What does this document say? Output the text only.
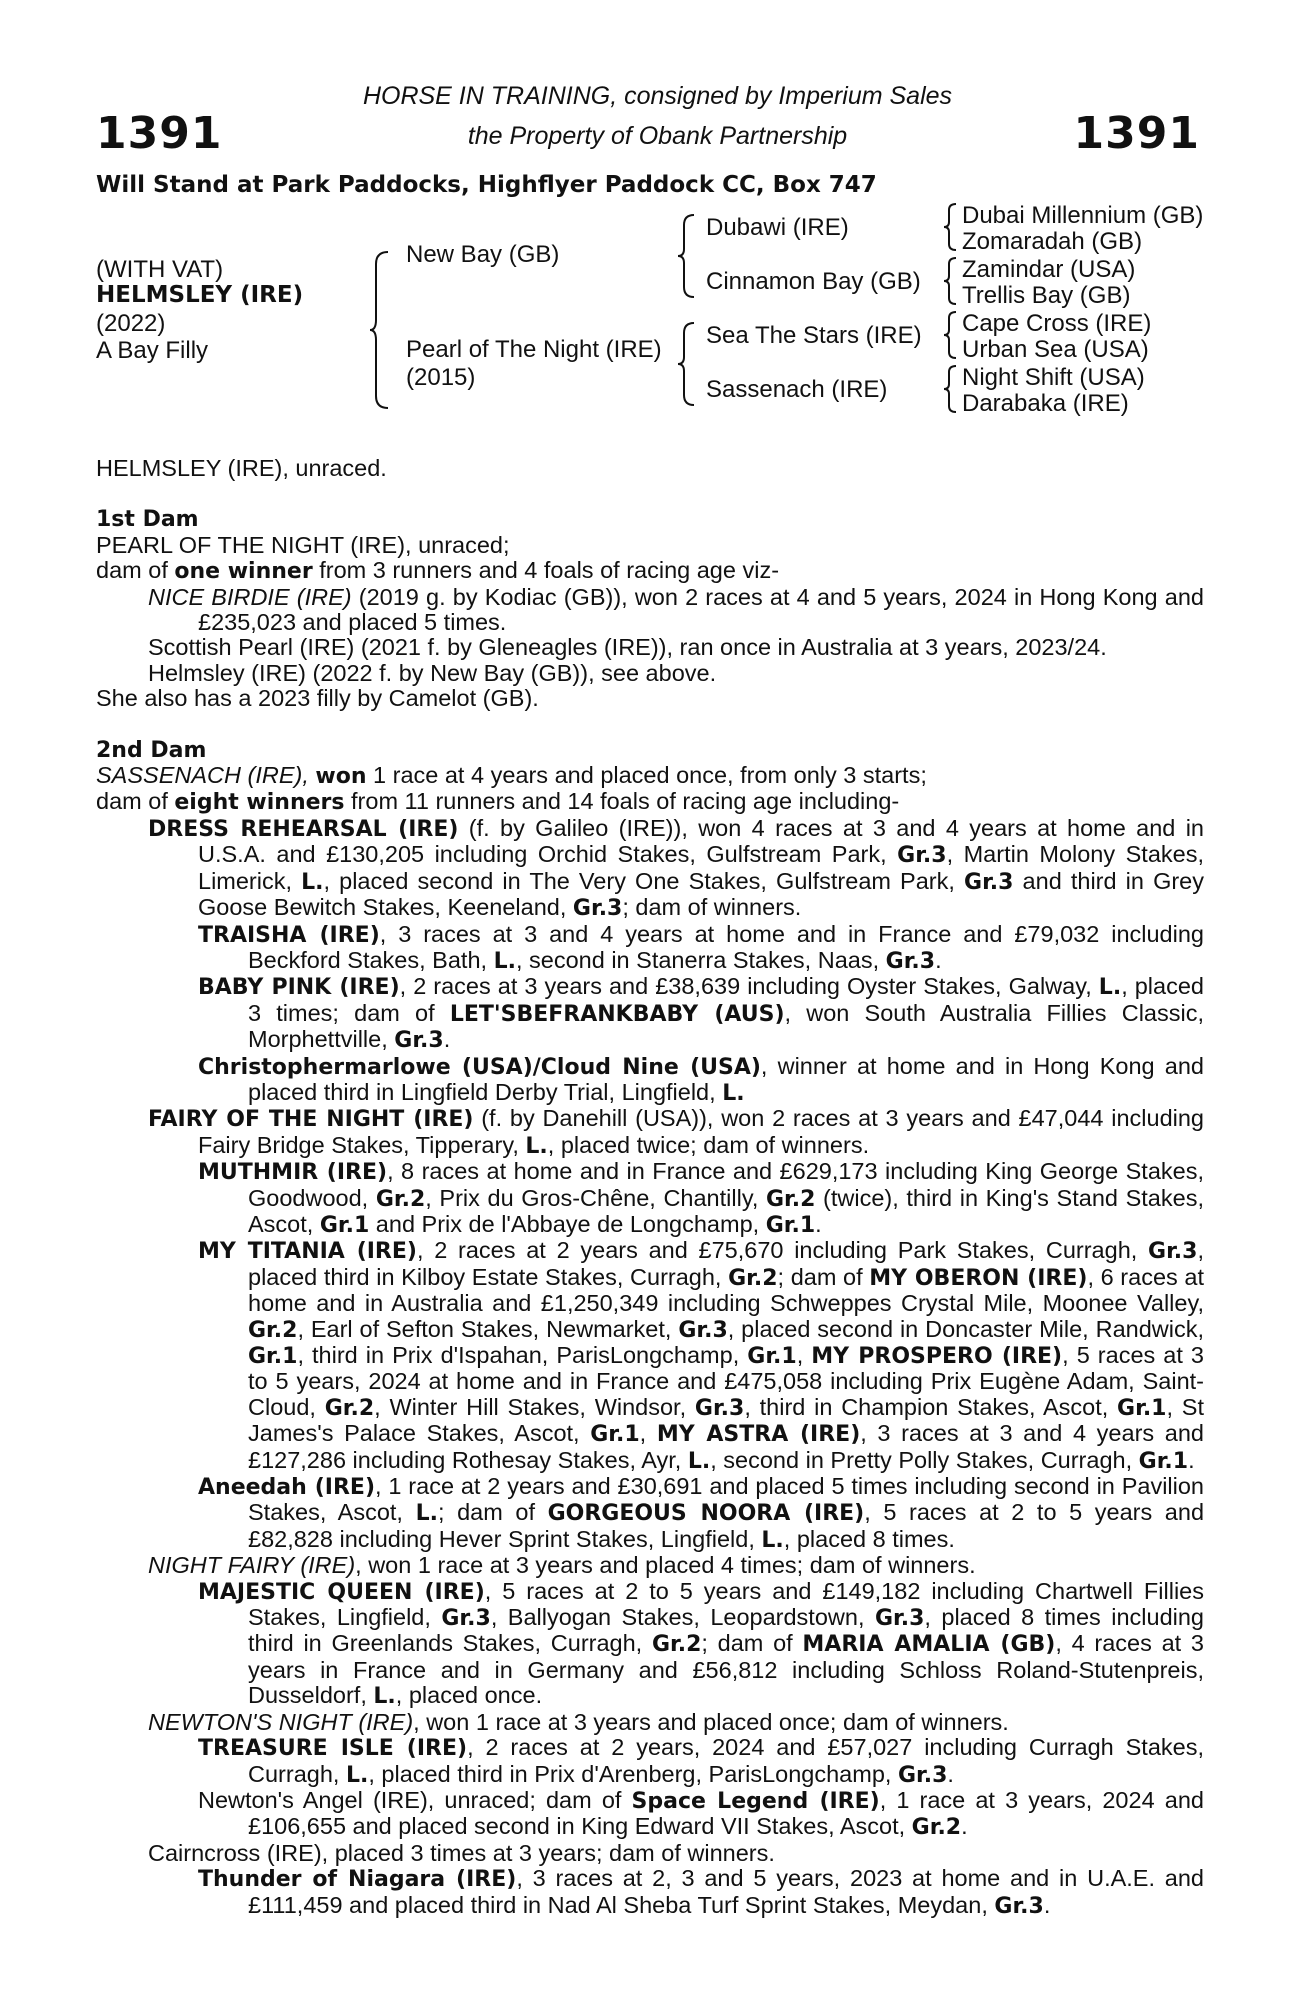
1391	1391
HORSE IN TRAINING, consigned by Imperium Sales
the Property of Obank Partnership
Will Stand at Park Paddocks, Highflyer Paddock CC, Box 747
(WITH VAT)
HELMSLEY (IRE)
(2022)
A Bay Filly
New Bay (GB)
Pearl of The Night (IRE)
(2015)
Dubawi (IRE)
Cinnamon Bay (GB)
Sea The Stars (IRE)
Sassenach (IRE)
Dubai Millennium (GB)
Zomaradah (GB)
Zamindar (USA)
Trellis Bay (GB)
Cape Cross (IRE)
Urban Sea (USA)
Night Shift (USA)
Darabaka (IRE)

HELMSLEY (IRE), unraced.

1st Dam

PEARL OF THE NIGHT (IRE), unraced;

dam of one winner from 3 runners and 4 foals of racing age viz-

NICE BIRDIE (IRE) (2019 g. by Kodiac (GB)), won 2 races at 4 and 5 years, 2024 in Hong Kong and £235,023 and placed 5 times.

Scottish Pearl (IRE) (2021 f. by Gleneagles (IRE)), ran once in Australia at 3 years, 2023/24.

Helmsley (IRE) (2022 f. by New Bay (GB)), see above.

She also has a 2023 filly by Camelot (GB).

2nd Dam

SASSENACH (IRE), won 1 race at 4 years and placed once, from only 3 starts;

dam of eight winners from 11 runners and 14 foals of racing age including-

DRESS REHEARSAL (IRE) (f. by Galileo (IRE)), won 4 races at 3 and 4 years at home and in U.S.A. and £130,205 including Orchid Stakes, Gulfstream Park, Gr.3, Martin Molony Stakes, Limerick, L., placed second in The Very One Stakes, Gulfstream Park, Gr.3 and third in Grey Goose Bewitch Stakes, Keeneland, Gr.3; dam of winners.

TRAISHA (IRE), 3 races at 3 and 4 years at home and in France and £79,032 including Beckford Stakes, Bath, L., second in Stanerra Stakes, Naas, Gr.3.

BABY PINK (IRE), 2 races at 3 years and £38,639 including Oyster Stakes, Galway, L., placed 3 times; dam of LET'SBEFRANKBABY (AUS), won South Australia Fillies Classic, Morphettville, Gr.3.

Christophermarlowe (USA)/Cloud Nine (USA), winner at home and in Hong Kong and placed third in Lingfield Derby Trial, Lingfield, L.

FAIRY OF THE NIGHT (IRE) (f. by Danehill (USA)), won 2 races at 3 years and £47,044 including Fairy Bridge Stakes, Tipperary, L., placed twice; dam of winners.

MUTHMIR (IRE), 8 races at home and in France and £629,173 including King George Stakes, Goodwood, Gr.2, Prix du Gros-Chêne, Chantilly, Gr.2 (twice), third in King's Stand Stakes, Ascot, Gr.1 and Prix de l'Abbaye de Longchamp, Gr.1.

MY TITANIA (IRE), 2 races at 2 years and £75,670 including Park Stakes, Curragh, Gr.3, placed third in Kilboy Estate Stakes, Curragh, Gr.2; dam of MY OBERON (IRE), 6 races at home and in Australia and £1,250,349 including Schweppes Crystal Mile, Moonee Valley, Gr.2, Earl of Sefton Stakes, Newmarket, Gr.3, placed second in Doncaster Mile, Randwick, Gr.1, third in Prix d'Ispahan, ParisLongchamp, Gr.1, MY PROSPERO (IRE), 5 races at 3 to 5 years, 2024 at home and in France and £475,058 including Prix Eugène Adam, Saint-Cloud, Gr.2, Winter Hill Stakes, Windsor, Gr.3, third in Champion Stakes, Ascot, Gr.1, St James's Palace Stakes, Ascot, Gr.1, MY ASTRA (IRE), 3 races at 3 and 4 years and £127,286 including Rothesay Stakes, Ayr, L., second in Pretty Polly Stakes, Curragh, Gr.1.

Aneedah (IRE), 1 race at 2 years and £30,691 and placed 5 times including second in Pavilion Stakes, Ascot, L.; dam of GORGEOUS NOORA (IRE), 5 races at 2 to 5 years and £82,828 including Hever Sprint Stakes, Lingfield, L., placed 8 times.

NIGHT FAIRY (IRE), won 1 race at 3 years and placed 4 times; dam of winners.

MAJESTIC QUEEN (IRE), 5 races at 2 to 5 years and £149,182 including Chartwell Fillies Stakes, Lingfield, Gr.3, Ballyogan Stakes, Leopardstown, Gr.3, placed 8 times including third in Greenlands Stakes, Curragh, Gr.2; dam of MARIA AMALIA (GB), 4 races at 3 years in France and in Germany and £56,812 including Schloss Roland-Stutenpreis, Dusseldorf, L., placed once.

NEWTON'S NIGHT (IRE), won 1 race at 3 years and placed once; dam of winners.

TREASURE ISLE (IRE), 2 races at 2 years, 2024 and £57,027 including Curragh Stakes, Curragh, L., placed third in Prix d'Arenberg, ParisLongchamp, Gr.3.

Newton's Angel (IRE), unraced; dam of Space Legend (IRE), 1 race at 3 years, 2024 and £106,655 and placed second in King Edward VII Stakes, Ascot, Gr.2.

Cairncross (IRE), placed 3 times at 3 years; dam of winners.

Thunder of Niagara (IRE), 3 races at 2, 3 and 5 years, 2023 at home and in U.A.E. and £111,459 and placed third in Nad Al Sheba Turf Sprint Stakes, Meydan, Gr.3.
